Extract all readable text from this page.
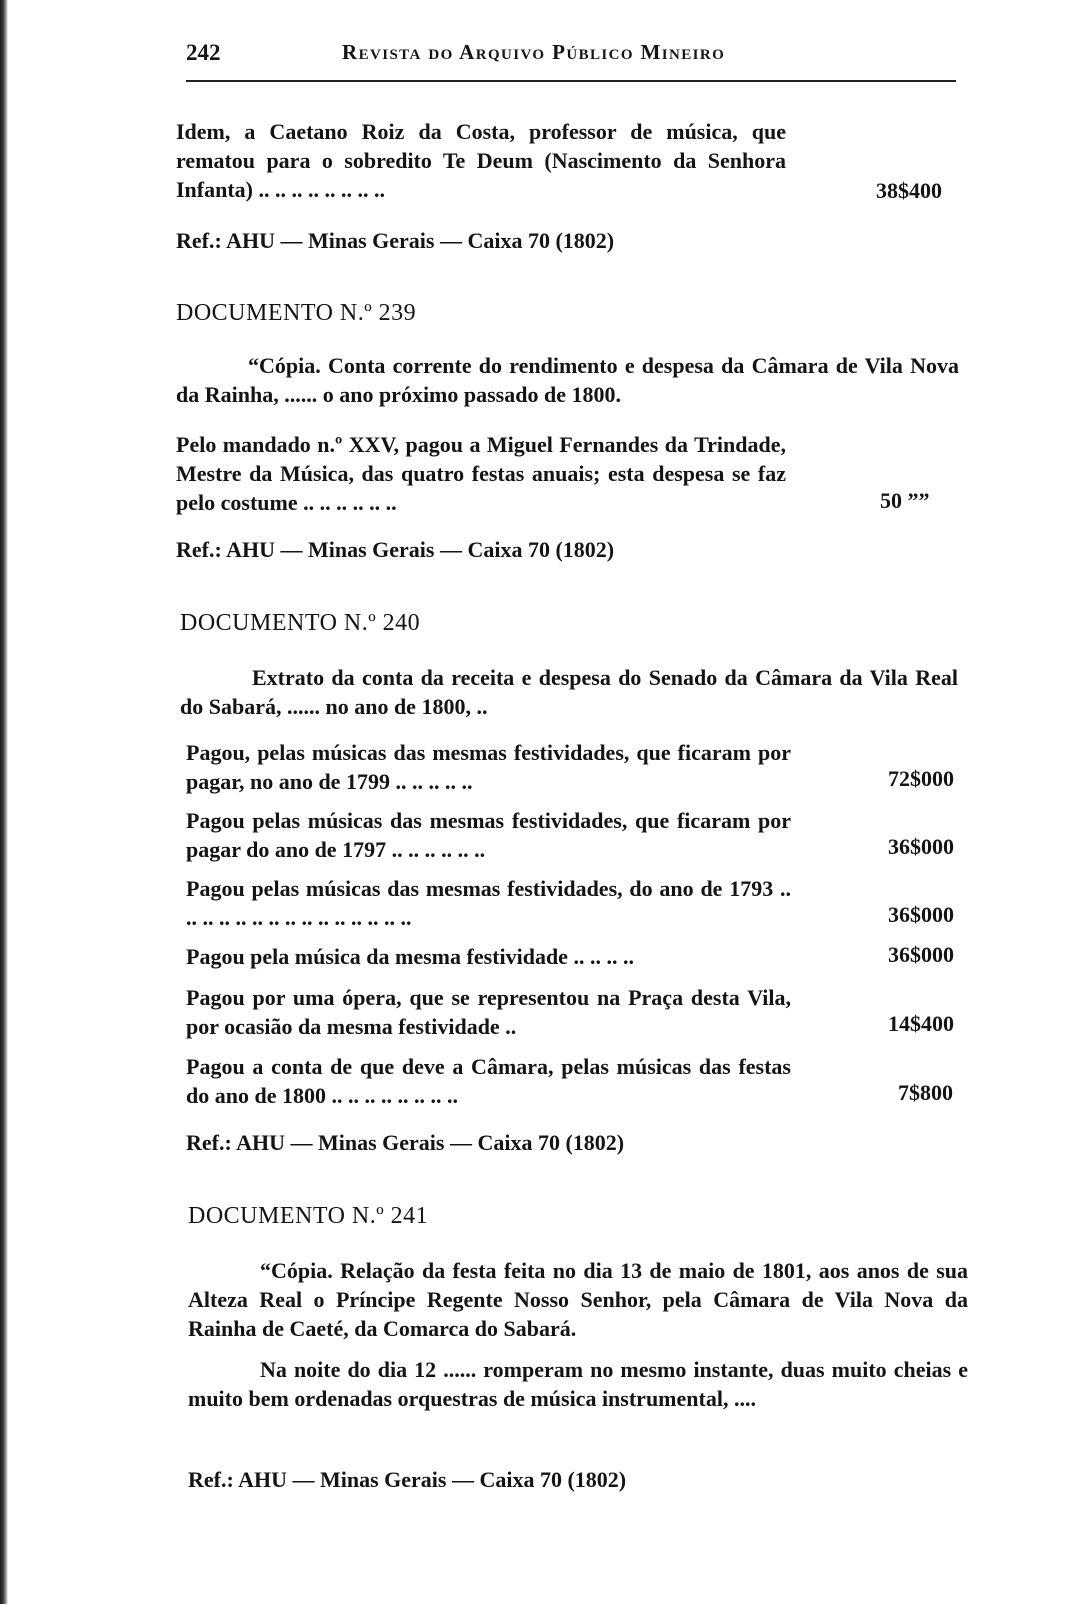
242	Revista do Arquivo Público Mineiro
Idem, a Caetano Roiz da Costa, professor de música, que rematou para o sobredito Te Deum (Nascimento da Senhora Infanta) .. .. .. .. .. .. .. ..	38$400
Ref.: AHU — Minas Gerais — Caixa 70 (1802)
DOCUMENTO N.º 239
“Cópia. Conta corrente do rendimento e despesa da Câmara de Vila Nova da Rainha, ...... o ano próximo passado de 1800.
Pelo mandado n.º XXV, pagou a Miguel Fernandes da Trindade, Mestre da Música, das quatro festas anuais; esta despesa se faz pelo costume .. .. .. .. .. ..	50 ””
Ref.: AHU — Minas Gerais — Caixa 70 (1802)
DOCUMENTO N.º 240
Extrato da conta da receita e despesa do Senado da Câmara da Vila Real do Sabará, ...... no ano de 1800, ..
Pagou, pelas músicas das mesmas festividades, que ficaram por pagar, no ano de 1799 .. .. .. .. ..	72$000
Pagou pelas músicas das mesmas festividades, que ficaram por pagar do ano de 1797 .. .. .. .. .. ..	36$000
Pagou pelas músicas das mesmas festividades, do ano de 1793 .. .. .. .. .. .. .. .. .. .. .. .. .. .. ..	36$000
Pagou pela música da mesma festividade .. .. .. ..	36$000
Pagou por uma ópera, que se representou na Praça desta Vila, por ocasião da mesma festividade ..	14$400
Pagou a conta de que deve a Câmara, pelas músicas das festas do ano de 1800 .. .. .. .. .. .. .. ..	7$800
Ref.: AHU — Minas Gerais — Caixa 70 (1802)
DOCUMENTO N.º 241
“Cópia. Relação da festa feita no dia 13 de maio de 1801, aos anos de sua Alteza Real o Príncipe Regente Nosso Senhor, pela Câmara de Vila Nova da Rainha de Caeté, da Comarca do Sabará.
Na noite do dia 12 ...... romperam no mesmo instante, duas muito cheias e muito bem ordenadas orquestras de música instrumental, ....
Ref.: AHU — Minas Gerais — Caixa 70 (1802)
